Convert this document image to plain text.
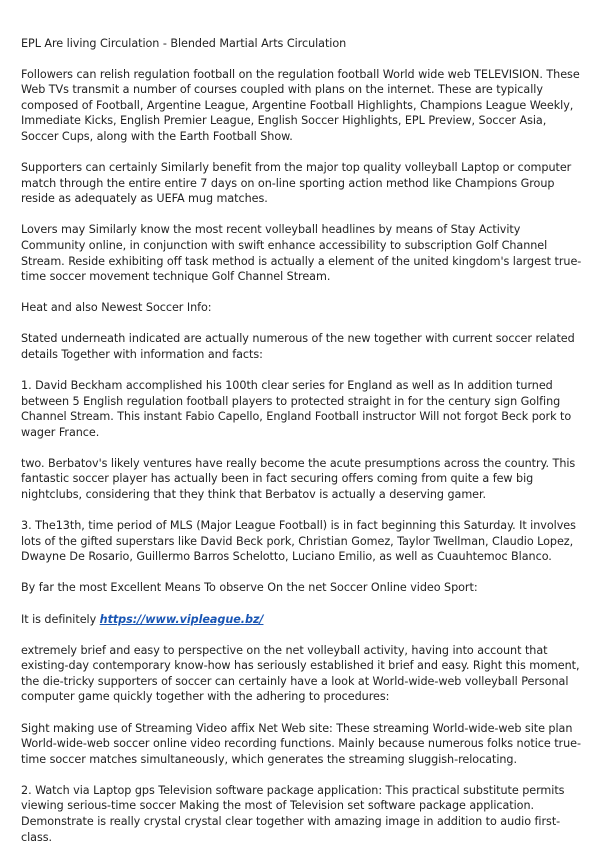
EPL Are living Circulation - Blended Martial Arts Circulation

Followers can relish regulation football on the regulation football World wide web TELEVISION. These Web TVs transmit a number of courses coupled with plans on the internet. These are typically composed of Football, Argentine League, Argentine Football Highlights, Champions League Weekly, Immediate Kicks, English Premier League, English Soccer Highlights, EPL Preview, Soccer Asia, Soccer Cups, along with the Earth Football Show.

Supporters can certainly Similarly benefit from the major top quality volleyball Laptop or computer match through the entire entire 7 days on on-line sporting action method like Champions Group reside as adequately as UEFA mug matches.

Lovers may Similarly know the most recent volleyball headlines by means of Stay Activity Community online, in conjunction with swift enhance accessibility to subscription Golf Channel Stream. Reside exhibiting off task method is actually a element of the united kingdom's largest true-time soccer movement technique Golf Channel Stream.

Heat and also Newest Soccer Info:

Stated underneath indicated are actually numerous of the new together with current soccer related details Together with information and facts:

1. David Beckham accomplished his 100th clear series for England as well as In addition turned between 5 English regulation football players to protected straight in for the century sign Golfing Channel Stream. This instant Fabio Capello, England Football instructor Will not forgot Beck pork to wager France.

two. Berbatov's likely ventures have really become the acute presumptions across the country. This fantastic soccer player has actually been in fact securing offers coming from quite a few big nightclubs, considering that they think that Berbatov is actually a deserving gamer.

3. The13th, time period of MLS (Major League Football) is in fact beginning this Saturday. It involves lots of the gifted superstars like David Beck pork, Christian Gomez, Taylor Twellman, Claudio Lopez, Dwayne De Rosario, Guillermo Barros Schelotto, Luciano Emilio, as well as Cuauhtemoc Blanco.

By far the most Excellent Means To observe On the net Soccer Online video Sport:

It is definitely https://www.vipleague.bz/

extremely brief and easy to perspective on the net volleyball activity, having into account that existing-day contemporary know-how has seriously established it brief and easy. Right this moment, the die-tricky supporters of soccer can certainly have a look at World-wide-web volleyball Personal computer game quickly together with the adhering to procedures:

Sight making use of Streaming Video affix Net Web site: These streaming World-wide-web site plan World-wide-web soccer online video recording functions. Mainly because numerous folks notice true-time soccer matches simultaneously, which generates the streaming sluggish-relocating.

2. Watch via Laptop gps Television software package application: This practical substitute permits viewing serious-time soccer Making the most of Television set software package application. Demonstrate is really crystal crystal clear together with amazing image in addition to audio first-class.
